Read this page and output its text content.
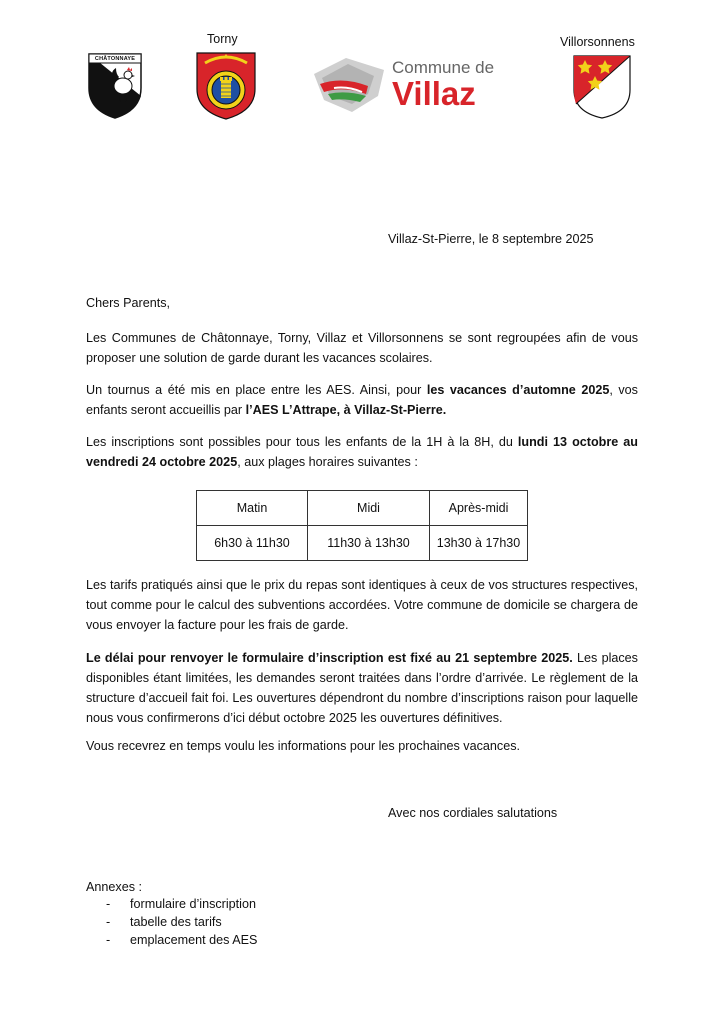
CHÂTONNAYE
Torny
Commune de
Villaz
Villorsonnens
Villaz-St-Pierre, le 8 septembre 2025
Chers Parents,
Les Communes de Châtonnaye, Torny, Villaz et Villorsonnens se sont regroupées afin de vous proposer une solution de garde durant les vacances scolaires.
Un tournus a été mis en place entre les AES. Ainsi, pour les vacances d’automne 2025, vos enfants seront accueillis par l’AES L’Attrape, à Villaz-St-Pierre.
Les inscriptions sont possibles pour tous les enfants de la 1H à la 8H, du lundi 13 octobre au vendredi 24 octobre 2025, aux plages horaires suivantes :
Matin	Midi	Après-midi
6h30 à 11h30	11h30 à 13h30	13h30 à 17h30
Les tarifs pratiqués ainsi que le prix du repas sont identiques à ceux de vos structures respectives, tout comme pour le calcul des subventions accordées. Votre commune de domicile se chargera de vous envoyer la facture pour les frais de garde.
Le délai pour renvoyer le formulaire d’inscription est fixé au 21 septembre 2025. Les places disponibles étant limitées, les demandes seront traitées dans l’ordre d’arrivée. Le règlement de la structure d’accueil fait foi. Les ouvertures dépendront du nombre d’inscriptions raison pour laquelle nous vous confirmerons d’ici début octobre 2025 les ouvertures définitives.
Vous recevrez en temps voulu les informations pour les prochaines vacances.
Avec nos cordiales salutations
Annexes :
- formulaire d’inscription
- tabelle des tarifs
- emplacement des AES
